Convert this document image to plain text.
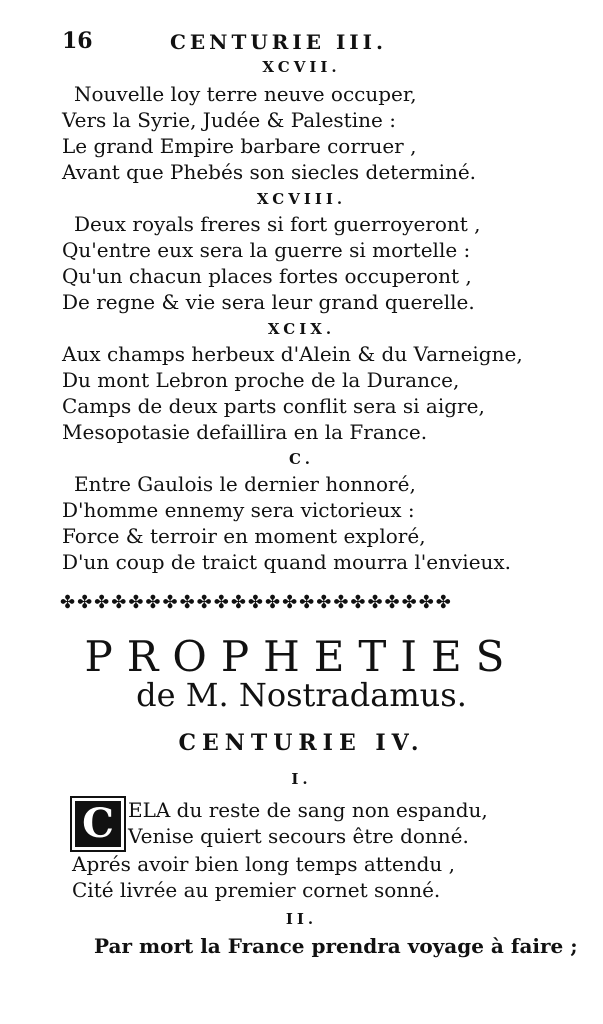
16	CENTURIE III.
XCVII.
Nouvelle loy terre neuve occuper,
Vers la Syrie, Judée & Palestine :
Le grand Empire barbare corruer ,
Avant que Phebés son siecles determiné.
XCVIII.
Deux royals freres si fort guerroyeront ,
Qu'entre eux sera la guerre si mortelle :
Qu'un chacun places fortes occuperont ,
De regne & vie sera leur grand querelle.
XCIX.
Aux champs herbeux d'Alein & du Varneigne,
Du mont Lebron proche de la Durance,
Camps de deux parts conflit sera si aigre,
Mesopotasie defaillira en la France.
C.
Entre Gaulois le dernier honnoré,
D'homme ennemy sera victorieux :
Force & terroir en moment exploré,
D'un coup de traict quand mourra l'envieux.
✤✤✤✤✤✤✤✤✤✤✤✤✤✤✤✤✤✤✤✤✤✤✤
PROPHETIES
de M. Nostradamus.
CENTURIE IV.
I.
C ELA du reste de sang non espandu,
Venise quiert secours être donné.
Aprés avoir bien long temps attendu ,
Cité livrée au premier cornet sonné.
II.
Par mort la France prendra voyage à faire ;
